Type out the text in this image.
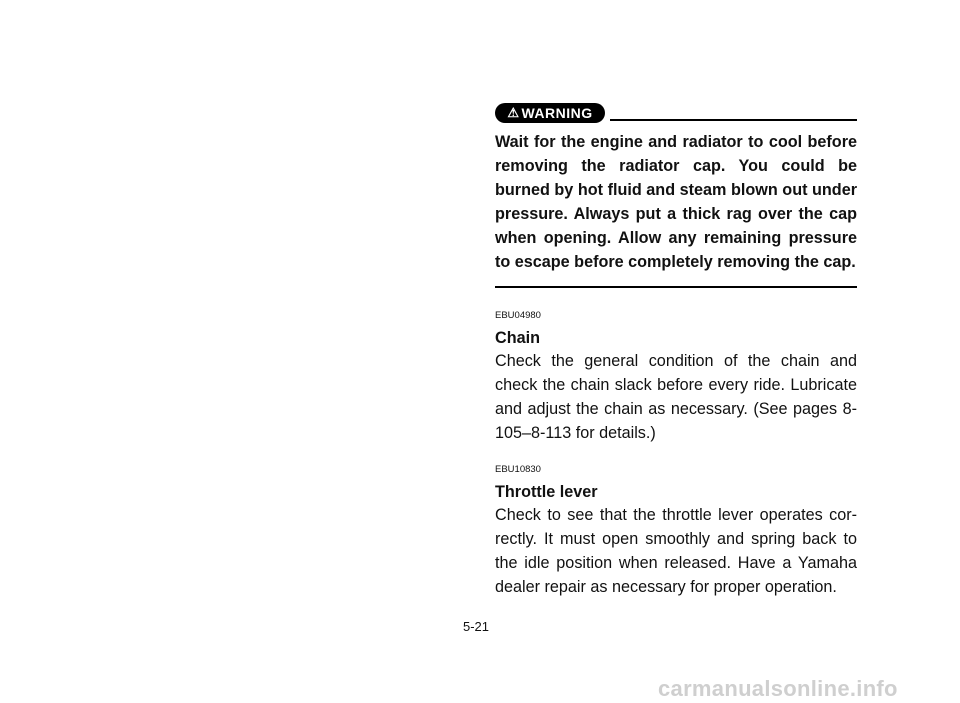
⚠ WARNING

Wait for the engine and radiator to cool before removing the radiator cap. You could be burned by hot fluid and steam blown out under pressure. Always put a thick rag over the cap when opening. Allow any remaining pressure to escape before completely removing the cap.

EBU04980

Chain

Check the general condition of the chain and check the chain slack before every ride. Lubricate and adjust the chain as necessary. (See pages 8-105–8-113 for details.)

EBU10830

Throttle lever

Check to see that the throttle lever operates cor-rectly. It must open smoothly and spring back to the idle position when released. Have a Yamaha dealer repair as necessary for proper operation.

5-21
carmanualsonline.info
